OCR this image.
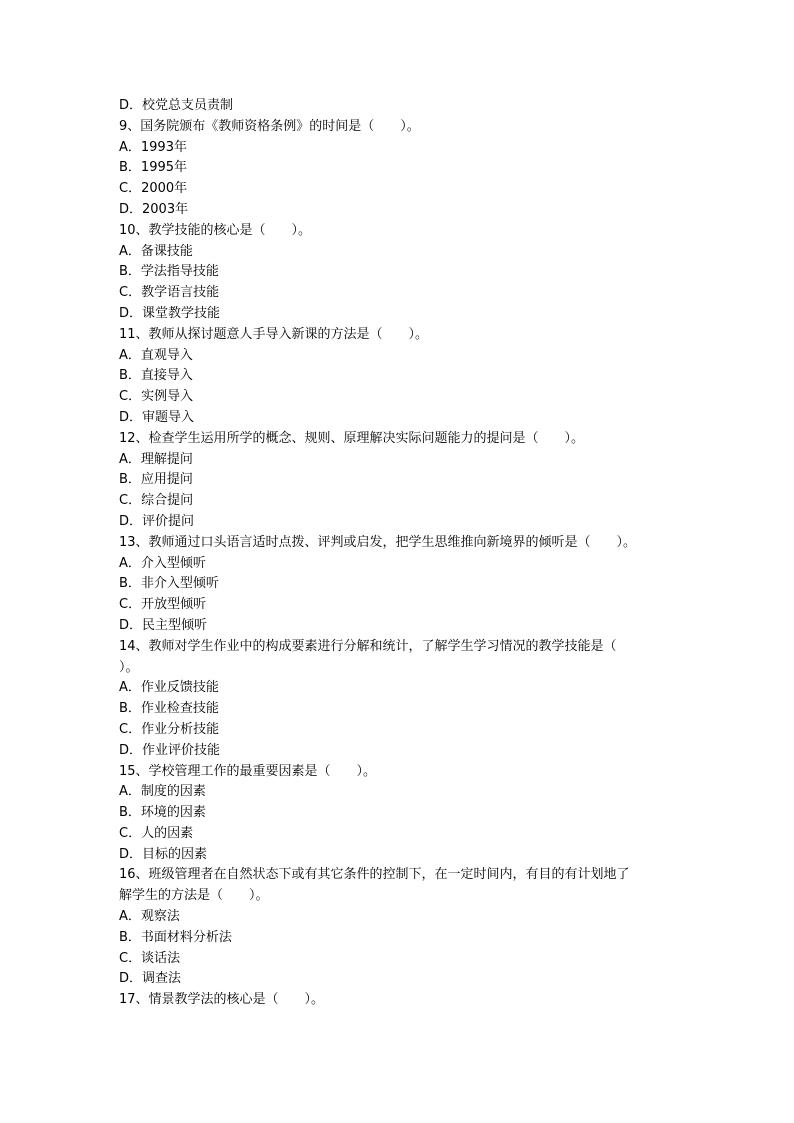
D．校党总支员责制
9、国务院颁布《教师资格条例》的时间是（　　）。
A．1993年
B．1995年
C．2000年
D．2003年
10、教学技能的核心是（　　）。
A．备课技能
B．学法指导技能
C．教学语言技能
D．课堂教学技能
11、教师从探讨题意人手导入新课的方法是（　　）。
A．直观导入
B．直接导入
C．实例导入
D．审题导入
12、检查学生运用所学的概念、规则、原理解决实际问题能力的提问是（　　）。
A．理解提问
B．应用提问
C．综合提问
D．评价提问
13、教师通过口头语言适时点拨、评判或启发，把学生思维推向新境界的倾听是（　　）。
A．介入型倾听
B．非介入型倾听
C．开放型倾听
D．民主型倾听
14、教师对学生作业中的构成要素进行分解和统计，了解学生学习情况的教学技能是（
）。
A．作业反馈技能
B．作业检查技能
C．作业分析技能
D．作业评价技能
15、学校管理工作的最重要因素是（　　）。
A．制度的因素
B．环境的因素
C．人的因素
D．目标的因素
16、班级管理者在自然状态下或有其它条件的控制下，在一定时间内，有目的有计划地了
解学生的方法是（　　）。
A．观察法
B．书面材料分析法
C．谈话法
D．调查法
17、情景教学法的核心是（　　）。
